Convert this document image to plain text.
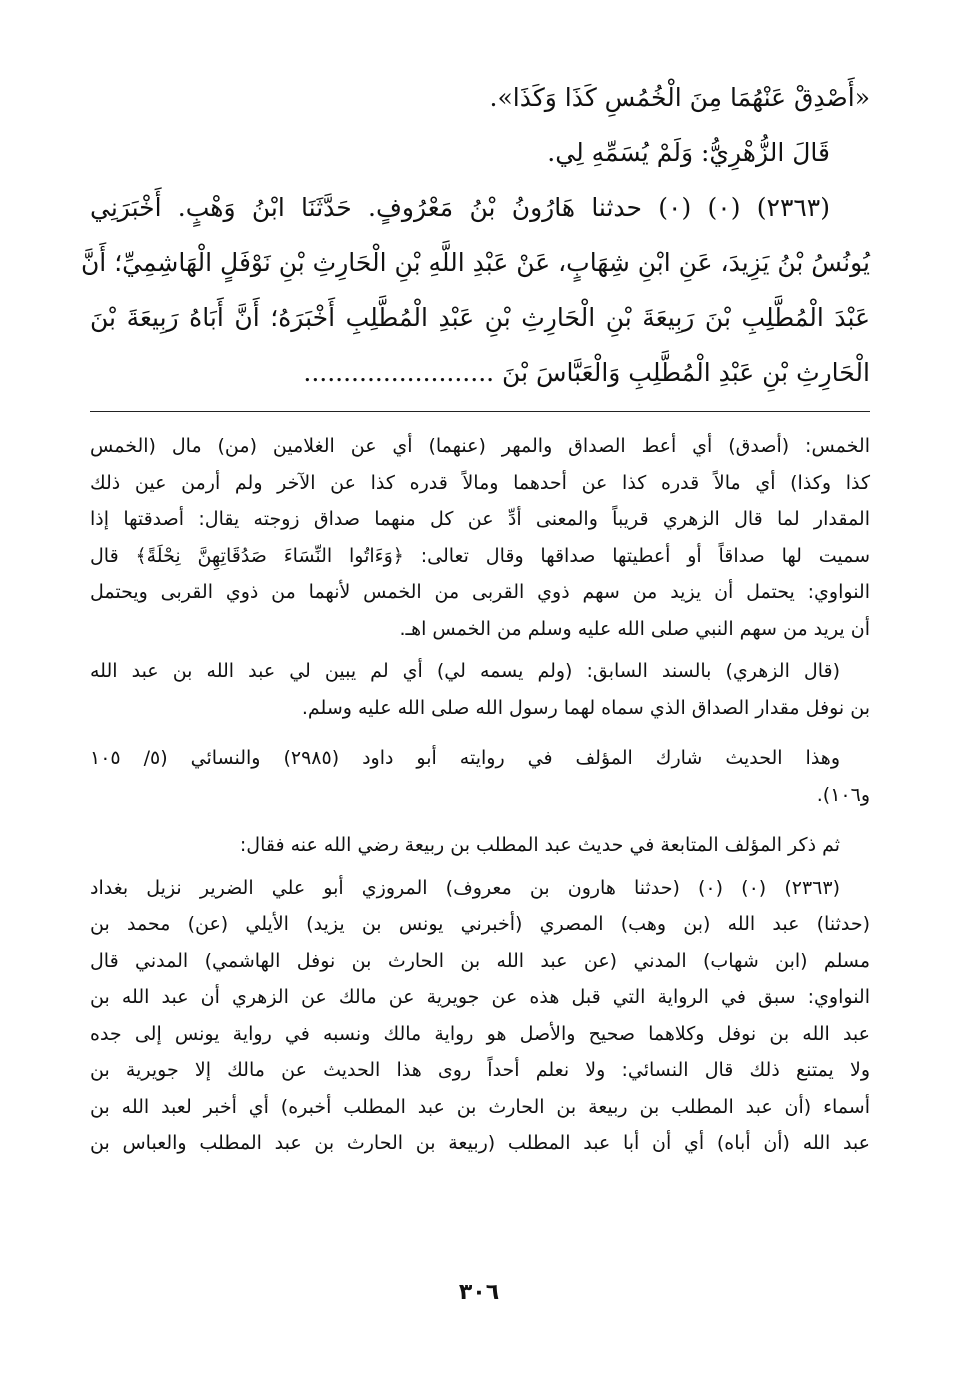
«أَصْدِقْ عَنْهُمَا مِنَ الْخُمُسِ كَذَا وَكَذَا».
قَالَ الزُّهْرِيُّ: وَلَمْ يُسَمِّهِ لِي.
(٢٣٦٣) (٠) (٠) حدثنا هَارُونُ بْنُ مَعْرُوفٍ. حَدَّثَنَا ابْنُ وَهْبٍ. أَخْبَرَنِي
يُونُسُ بْنُ يَزِيدَ، عَنِ ابْنِ شِهَابٍ، عَنْ عَبْدِ اللَّهِ بْنِ الْحَارِثِ بْنِ نَوْفَلٍ الْهَاشِمِيِّ؛ أَنَّ
عَبْدَ الْمُطَّلِبِ بْنَ رَبِيعَةَ بْنِ الْحَارِثِ بْنِ عَبْدِ الْمُطَّلِبِ أَخْبَرَهُ؛ أَنَّ أَبَاهُ رَبِيعَةَ بْنَ
الْحَارِثِ بْنِ عَبْدِ الْمُطَّلِبِ وَالْعَبَّاسَ بْنَ ........................
الخمس: (أصدق) أي أعط الصداق والمهر (عنهما) أي عن الغلامين (من) مال (الخمس
كذا وكذا) أي مالاً قدره كذا عن أحدهما ومالاً قدره كذا عن الآخر ولم أرمن عين ذلك
المقدار لما قال الزهري قريباً والمعنى أدِّ عن كل منهما صداق زوجته يقال: أصدقتها إذا
سميت لها صداقاً أو أعطيتها صداقها وقال تعالى: ﴿وَءَاتُوا النِّسَاءَ صَدُقَاتِهِنَّ نِحْلَةً﴾ قال
النواوي: يحتمل أن يزيد من سهم ذوي القربى من الخمس لأنهما من ذوي القربى ويحتمل
أن يريد من سهم النبي صلى الله عليه وسلم من الخمس اهـ.
(قال الزهري) بالسند السابق: (ولم يسمه لي) أي لم يبين لي عبد الله بن عبد الله
بن نوفل مقدار الصداق الذي سماه لهما رسول الله صلى الله عليه وسلم.
وهذا الحديث شارك المؤلف في روايته أبو داود (٢٩٨٥) والنسائي (٥/ ١٠٥
و١٠٦).
ثم ذكر المؤلف المتابعة في حديث عبد المطلب بن ربيعة رضي الله عنه فقال:
(٢٣٦٣) (٠) (٠) (حدثنا هارون بن معروف) المروزي أبو علي الضرير نزيل بغداد
(حدثنا) عبد الله (بن وهب) المصري (أخبرني يونس بن يزيد) الأيلي (عن) محمد بن
مسلم (ابن شهاب) المدني (عن عبد الله بن الحارث بن نوفل الهاشمي) المدني قال
النواوي: سبق في الرواية التي قبل هذه عن جويرية عن مالك عن الزهري أن عبد الله بن
عبد الله بن نوفل وكلاهما صحيح والأصل هو رواية مالك ونسبه في رواية يونس إلى جده
ولا يمتنع ذلك قال النسائي: ولا نعلم أحداً روى هذا الحديث عن مالك إلا جويرية بن
أسماء (أن عبد المطلب بن ربيعة بن الحارث بن عبد المطلب أخبره) أي أخبر لعبد الله بن
عبد الله (أن أباه) أي أن أبا عبد المطلب (ربيعة بن الحارث بن عبد المطلب والعباس بن
٣٠٦
